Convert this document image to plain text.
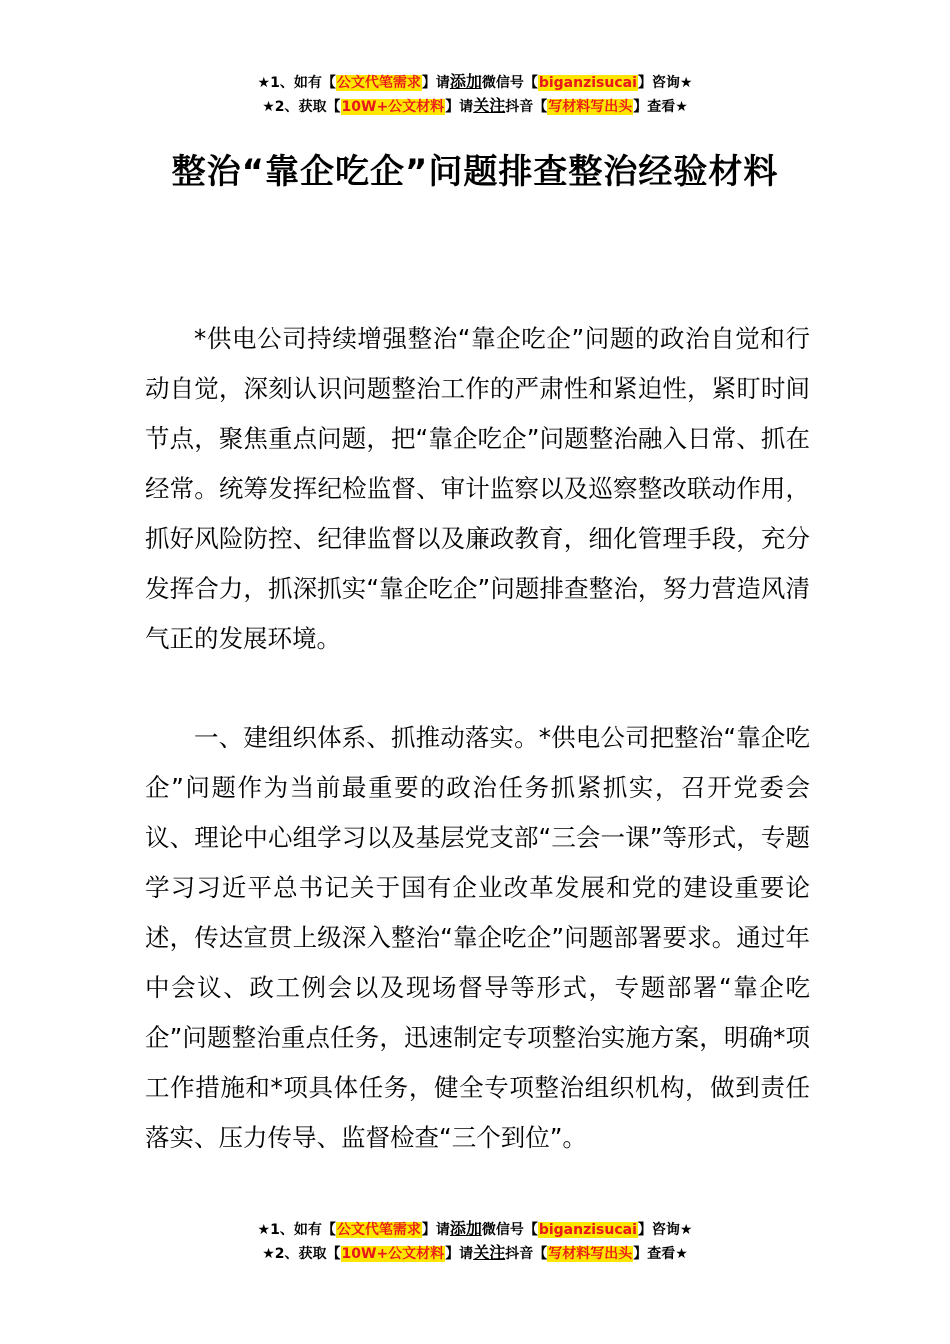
★1、如有【公文代笔需求】请添加微信号【biganzisucai】咨询★
★2、获取【10W+公文材料】请关注抖音【写材料写出头】查看★
整治“靠企吃企”问题排查整治经验材料

*供电公司持续增强整治“靠企吃企”问题的政治自觉和行动自觉，深刻认识问题整治工作的严肃性和紧迫性，紧盯时间节点，聚焦重点问题，把“靠企吃企”问题整治融入日常、抓在经常。统筹发挥纪检监督、审计监察以及巡察整改联动作用，抓好风险防控、纪律监督以及廉政教育，细化管理手段，充分发挥合力，抓深抓实“靠企吃企”问题排查整治，努力营造风清气正的发展环境。

一、建组织体系、抓推动落实。*供电公司把整治“靠企吃企”问题作为当前最重要的政治任务抓紧抓实，召开党委会议、理论中心组学习以及基层党支部“三会一课”等形式，专题学习习近平总书记关于国有企业改革发展和党的建设重要论述，传达宣贯上级深入整治“靠企吃企”问题部署要求。通过年中会议、政工例会以及现场督导等形式，专题部署“靠企吃企”问题整治重点任务，迅速制定专项整治实施方案，明确*项工作措施和*项具体任务，健全专项整治组织机构，做到责任落实、压力传导、监督检查“三个到位”。

★1、如有【公文代笔需求】请添加微信号【biganzisucai】咨询★
★2、获取【10W+公文材料】请关注抖音【写材料写出头】查看★
